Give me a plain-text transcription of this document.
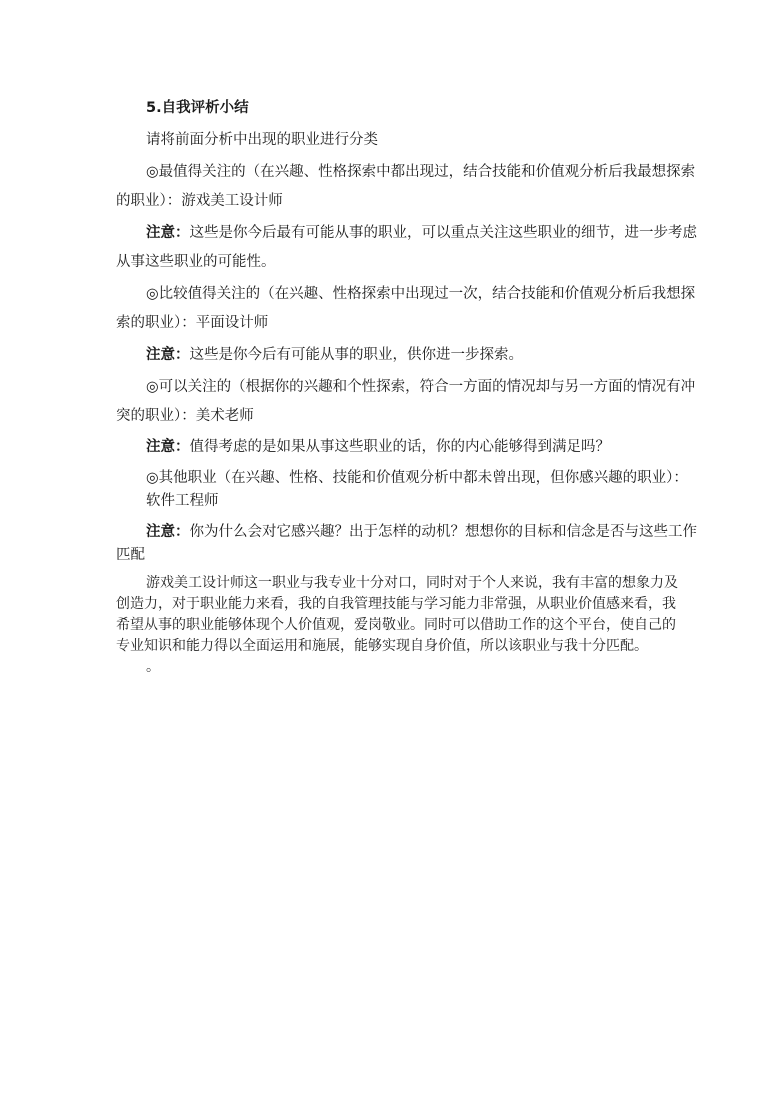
5.自我评析小结
请将前面分析中出现的职业进行分类
◎最值得关注的（在兴趣、性格探索中都出现过，结合技能和价值观分析后我最想探索
的职业）：游戏美工设计师
注意：这些是你今后最有可能从事的职业，可以重点关注这些职业的细节，进一步考虑
从事这些职业的可能性。
◎比较值得关注的（在兴趣、性格探索中出现过一次，结合技能和价值观分析后我想探
索的职业）：平面设计师
注意：这些是你今后有可能从事的职业，供你进一步探索。
◎可以关注的（根据你的兴趣和个性探索，符合一方面的情况却与另一方面的情况有冲
突的职业）：美术老师
注意：值得考虑的是如果从事这些职业的话，你的内心能够得到满足吗？
◎其他职业（在兴趣、性格、技能和价值观分析中都未曾出现，但你感兴趣的职业）：
软件工程师
注意：你为什么会对它感兴趣？出于怎样的动机？想想你的目标和信念是否与这些工作
匹配
游戏美工设计师这一职业与我专业十分对口，同时对于个人来说，我有丰富的想象力及
创造力，对于职业能力来看，我的自我管理技能与学习能力非常强，从职业价值感来看，我
希望从事的职业能够体现个人价值观，爱岗敬业。同时可以借助工作的这个平台，使自己的
专业知识和能力得以全面运用和施展，能够实现自身价值，所以该职业与我十分匹配。
。
